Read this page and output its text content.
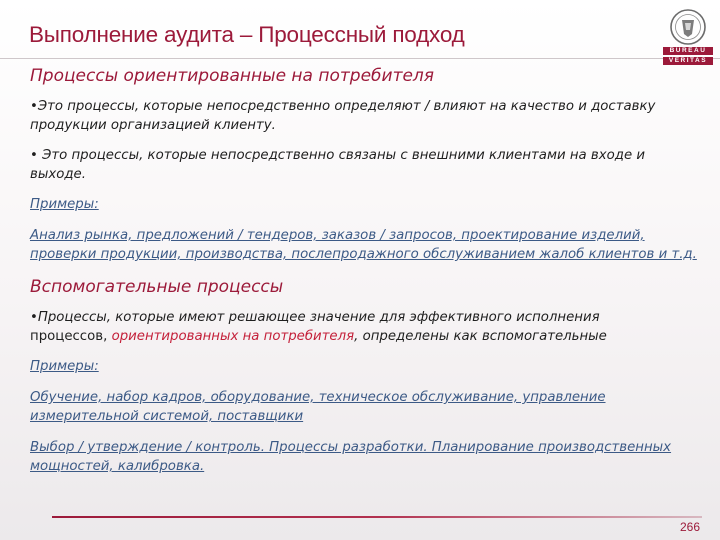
Выполнение аудита – Процессный подход
BUREAU
VERITAS
Процессы ориентированные на потребителя
•Это процессы, которые непосредственно определяют / влияют на качество и доставку продукции организацией клиенту.
• Это процессы, которые непосредственно связаны с внешними клиентами на входе и выходе.
Примеры:
Анализ рынка, предложений / тендеров, заказов / запросов, проектирование изделий, проверки продукции, производства, послепродажного обслуживанием жалоб клиентов и т.д.
Вспомогательные процессы
•Процессы, которые имеют решающее значение для эффективного исполнения
процессов, ориентированных на потребителя, определены как вспомогательные
Примеры:
Обучение, набор кадров, оборудование, техническое обслуживание, управление измерительной системой, поставщики
Выбор / утверждение / контроль. Процессы разработки. Планирование производственных мощностей, калибровка.
266
